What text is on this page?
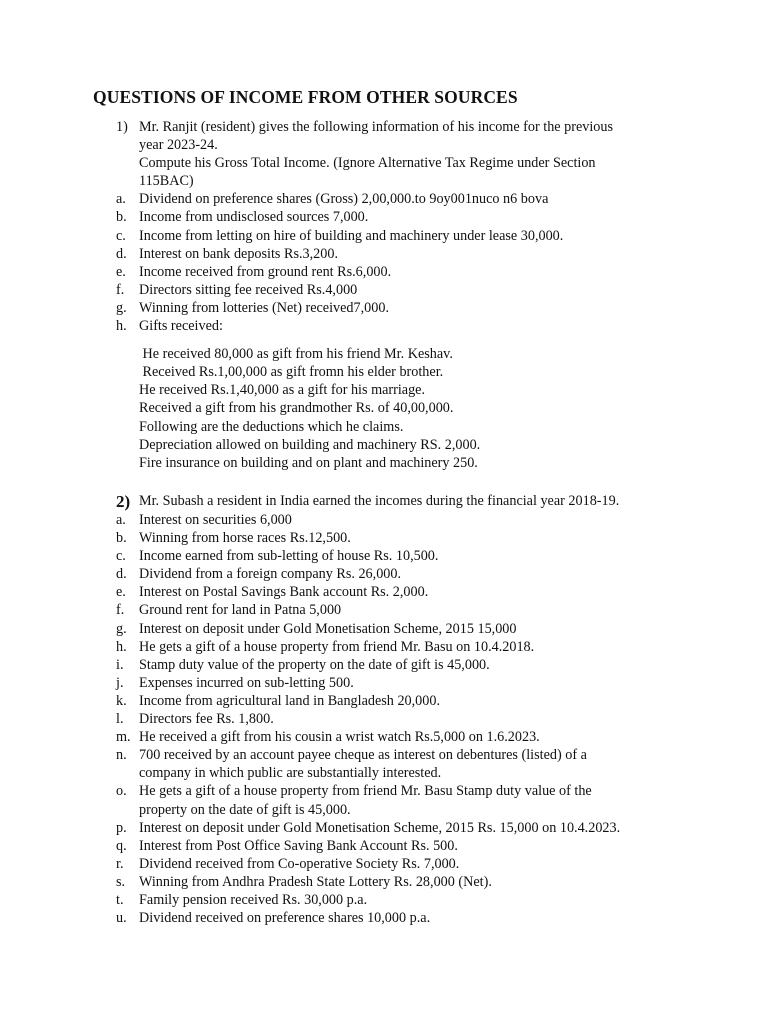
QUESTIONS OF INCOME FROM OTHER SOURCES
1) Mr. Ranjit (resident) gives the following information of his income for the previous
year 2023-24.
Compute his Gross Total Income. (Ignore Alternative Tax Regime under Section
115BAC)
a. Dividend on preference shares (Gross) 2,00,000.to 9oy001nuco n6 bova
b. Income from undisclosed sources 7,000.
c. Income from letting on hire of building and machinery under lease 30,000.
d. Interest on bank deposits Rs.3,200.
e. Income received from ground rent Rs.6,000.
f. Directors sitting fee received Rs.4,000
g. Winning from lotteries (Net) received7,000.
h. Gifts received:
He received 80,000 as gift from his friend Mr. Keshav.
Received Rs.1,00,000 as gift fromn his elder brother.
He received Rs.1,40,000 as a gift for his marriage.
Received a gift from his grandmother Rs. of 40,00,000.
Following are the deductions which he claims.
Depreciation allowed on building and machinery RS. 2,000.
Fire insurance on building and on plant and machinery 250.
2) Mr. Subash a resident in India earned the incomes during the financial year 2018-19.
a. Interest on securities 6,000
b. Winning from horse races Rs.12,500.
c. Income earned from sub-letting of house Rs. 10,500.
d. Dividend from a foreign company Rs. 26,000.
e. Interest on Postal Savings Bank account Rs. 2,000.
f. Ground rent for land in Patna 5,000
g. Interest on deposit under Gold Monetisation Scheme, 2015 15,000
h. He gets a gift of a house property from friend Mr. Basu on 10.4.2018.
i. Stamp duty value of the property on the date of gift is 45,000.
j. Expenses incurred on sub-letting 500.
k. Income from agricultural land in Bangladesh 20,000.
l. Directors fee Rs. 1,800.
m. He received a gift from his cousin a wrist watch Rs.5,000 on 1.6.2023.
n. 700 received by an account payee cheque as interest on debentures (listed) of a
company in which public are substantially interested.
o. He gets a gift of a house property from friend Mr. Basu Stamp duty value of the
property on the date of gift is 45,000.
p. Interest on deposit under Gold Monetisation Scheme, 2015 Rs. 15,000 on 10.4.2023.
q. Interest from Post Office Saving Bank Account Rs. 500.
r. Dividend received from Co-operative Society Rs. 7,000.
s. Winning from Andhra Pradesh State Lottery Rs. 28,000 (Net).
t. Family pension received Rs. 30,000 p.a.
u. Dividend received on preference shares 10,000 p.a.
